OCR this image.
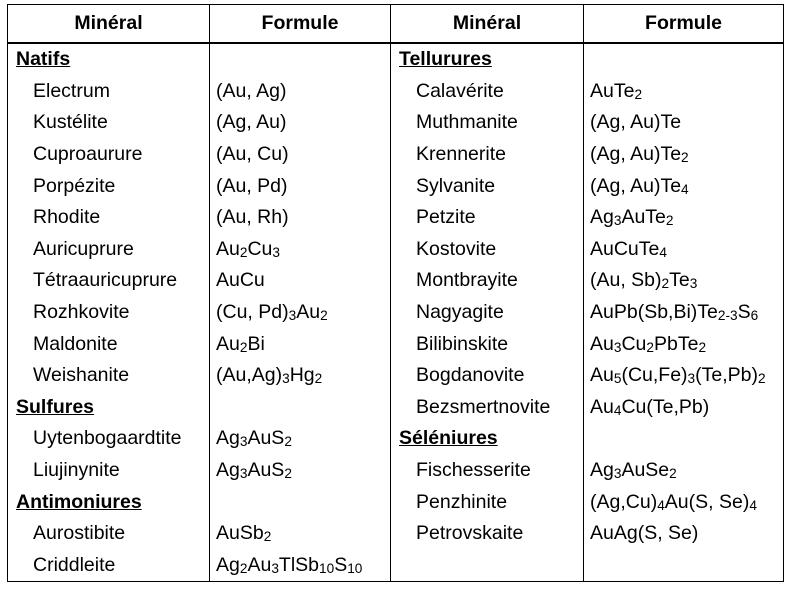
Minéral	Formule	Minéral	Formule
Natifs		Tellurures	
Electrum	(Au, Ag)	Calavérite	AuTe$_2$
Kustélite	(Ag, Au)	Muthmanite	(Ag, Au)Te
Cuproaurure	(Au, Cu)	Krennerite	(Ag, $Au)Te_2$
Porpézite	(Au, Pd)	Sylvanite	(Ag, $Au)Te_4$
Rhodite	(Au, Rh)	Petzite	$Ag_3AuTe_2$
Auricuprure	$Au_2Cu_3$	Kostovite	AuCuTe$_4$
Tétraauricuprure	AuCu	Montbrayite	(Au, $Sb)_2Te_3$
Rozhkovite	(Cu, $Pd)_3Au_2$	Nagyagite	$AuPb(Sb,Bi)Te_{2-3}S_6$
Maldonite	$Au_2Bi$	Bilibinskite	$Au_3Cu_2PbTe_2$
Weishanite	$(Au,Ag)_3Hg_2$	Bogdanovite	$Au_5(Cu,Fe)_3(Te,Pb)_2$
Sulfures		Bezsmertnovite	$Au_4Cu(Te,Pb)$
Uytenbogaardtite	$Ag_3AuS_2$	Séléniures	
Liujinynite	$Ag_3AuS_2$	Fischesserite	$Ag_3AuSe_2$
Antimoniures		Penzhinite	$(Ag,Cu)_4Au(S$, $Se)_4$
Aurostibite	AuSb$_2$	Petrovskaite	AuAg(S, Se)
Criddleite	$Ag_2Au_3TlSb_{10}S_{10}$		
